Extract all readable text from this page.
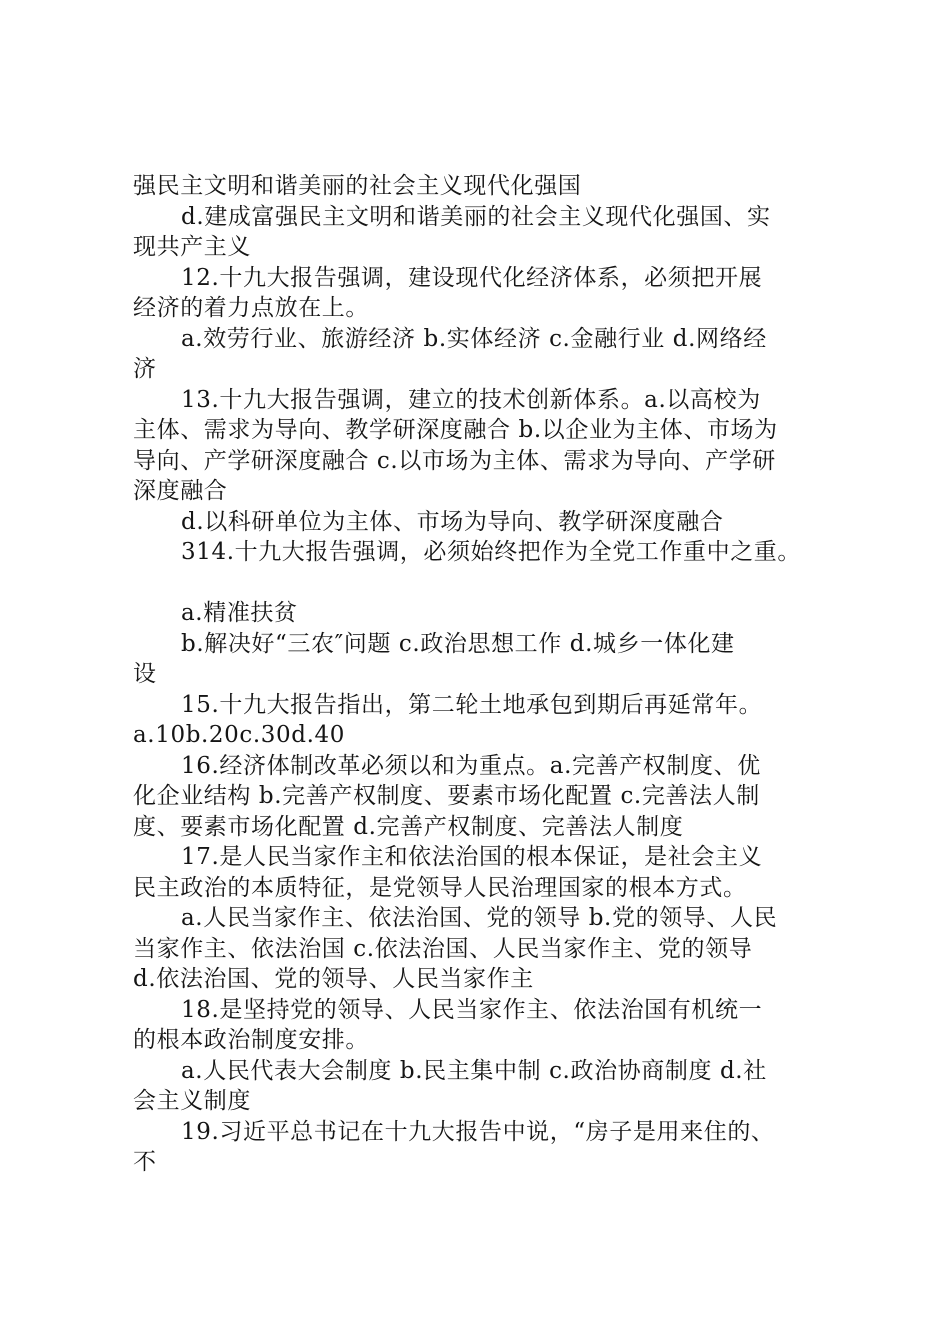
强民主文明和谐美丽的社会主义现代化强国
d.建成富强民主文明和谐美丽的社会主义现代化强国、实
现共产主义
12.十九大报告强调，建设现代化经济体系，必须把开展
经济的着力点放在上。
a.效劳行业、旅游经济 b.实体经济 c.金融行业 d.网络经
济
13.十九大报告强调，建立的技术创新体系。a.以高校为
主体、需求为导向、教学研深度融合 b.以企业为主体、市场为
导向、产学研深度融合 c.以市场为主体、需求为导向、产学研
深度融合
d.以科研单位为主体、市场为导向、教学研深度融合
314.十九大报告强调，必须始终把作为全党工作重中之重。
a.精准扶贫
b.解决好“三农″问题 c.政治思想工作 d.城乡一体化建
设
15.十九大报告指出，第二轮土地承包到期后再延常年。
a.10b.20c.30d.40
16.经济体制改革必须以和为重点。a.完善产权制度、优
化企业结构 b.完善产权制度、要素市场化配置 c.完善法人制
度、要素市场化配置 d.完善产权制度、完善法人制度
17.是人民当家作主和依法治国的根本保证，是社会主义
民主政治的本质特征，是党领导人民治理国家的根本方式。
a.人民当家作主、依法治国、党的领导 b.党的领导、人民
当家作主、依法治国 c.依法治国、人民当家作主、党的领导
d.依法治国、党的领导、人民当家作主
18.是坚持党的领导、人民当家作主、依法治国有机统一
的根本政治制度安排。
a.人民代表大会制度 b.民主集中制 c.政治协商制度 d.社
会主义制度
19.习近平总书记在十九大报告中说，“房子是用来住的、
不
